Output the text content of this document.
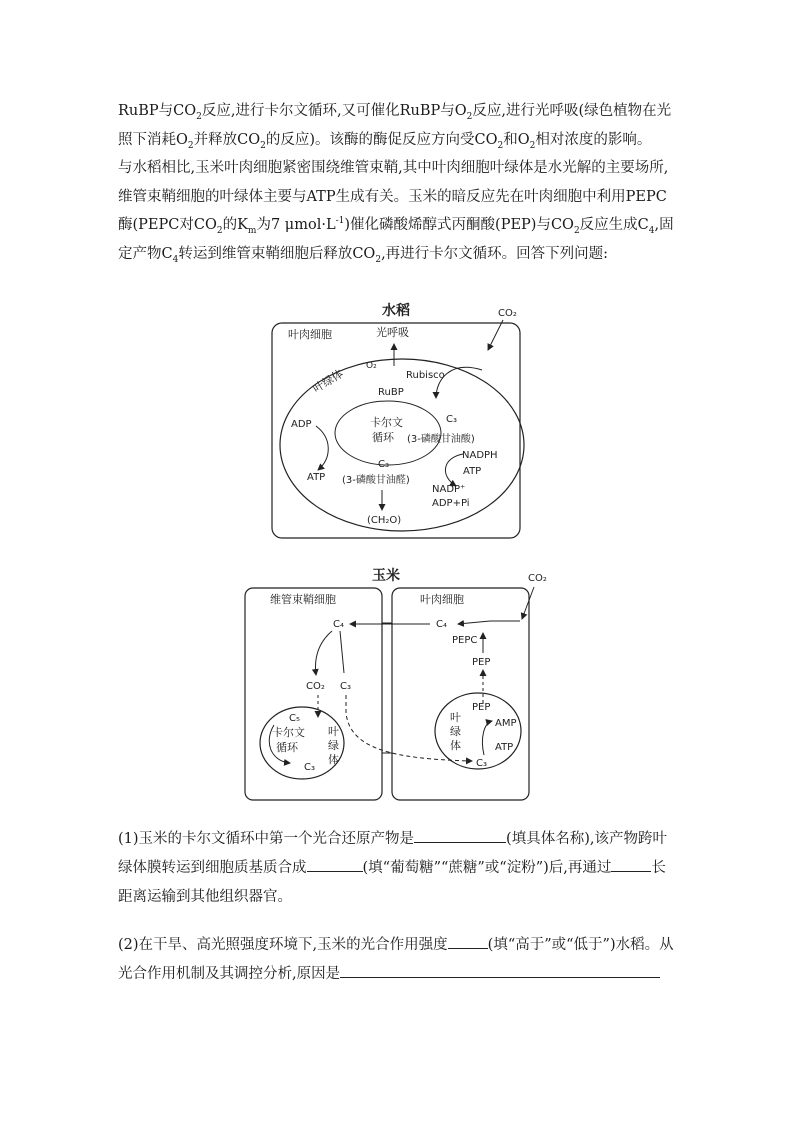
RuBP与$CO_2$反应,进行卡尔文循环,又可催化RuBP与$O_2$反应,进行光呼吸(绿色植物在光
照下消耗$O_2$并释放$CO_2$的反应)。该酶的酶促反应方向受$CO_2$和$O_2$相对浓度的影响。
与水稻相比,玉米叶肉细胞紧密围绕维管束鞘,其中叶肉细胞叶绿体是水光解的主要场所,
维管束鞘细胞的叶绿体主要与ATP生成有关。玉米的暗反应先在叶肉细胞中利用PEPC
酶(PEPC对$CO_2$的$K_m$为7 $\mu mol\cdot L^{-1}$)催化磷酸烯醇式丙酮酸(PEP)与$CO_2$反应生成$C_4$,固
定产物$C_4$转运到维管束鞘细胞后释放$CO_2$,再进行卡尔文循环。回答下列问题:
水稻	CO₂
叶肉细胞	光呼吸
叶绿体
O₂
Rubisco
RuBP
卡尔文
循环
C₃
(3-磷酸甘油酸)
C₃
(3-磷酸甘油醛)
ADP
ATP
NADPH
ATP
NADP⁺
ADP+Pi
(CH₂O)
玉米	CO₂
维管束鞘细胞	叶肉细胞
C₄	C₄
PEPC
PEP
CO₂ C₃
C₅
卡尔文
循环
C₃
叶
绿
体
叶
绿
体
PEP
AMP
ATP
C₃
(1)玉米的卡尔文循环中第一个光合还原产物是	(填具体名称),该产物跨叶
绿体膜转运到细胞质基质合成	(填“葡萄糖”“蔗糖”或“淀粉”)后,再通过	长
距离运输到其他组织器官。
(2)在干旱、高光照强度环境下,玉米的光合作用强度	(填“高于”或“低于”)水稻。从
光合作用机制及其调控分析,原因是
